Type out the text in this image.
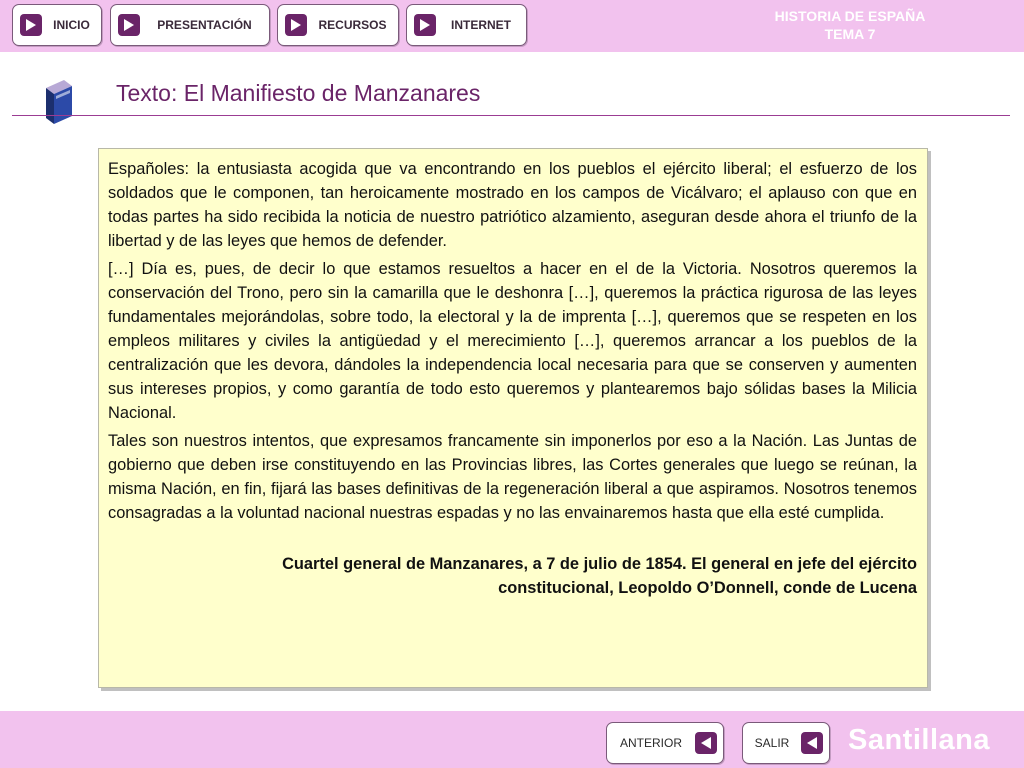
INICIO	PRESENTACIÓN	RECURSOS	INTERNET
HISTORIA DE ESPAÑA
TEMA 7
Texto: El Manifiesto de Manzanares

Españoles: la entusiasta acogida que va encontrando en los pueblos el ejército liberal; el esfuerzo de los soldados que le componen, tan heroicamente mostrado en los campos de Vicálvaro; el aplauso con que en todas partes ha sido recibida la noticia de nuestro patriótico alzamiento, aseguran desde ahora el triunfo de la libertad y de las leyes que hemos de defender.

[…] Día es, pues, de decir lo que estamos resueltos a hacer en el de la Victoria. Nosotros queremos la conservación del Trono, pero sin la camarilla que le deshonra […], queremos la práctica rigurosa de las leyes fundamentales mejorándolas, sobre todo, la electoral y la de imprenta […], queremos que se respeten en los empleos militares y civiles la antigüedad y el merecimiento […], queremos arrancar a los pueblos de la centralización que les devora, dándoles la independencia local necesaria para que se conserven y aumenten sus intereses propios, y como garantía de todo esto queremos y plantearemos bajo sólidas bases la Milicia Nacional.

Tales son nuestros intentos, que expresamos francamente sin imponerlos por eso a la Nación. Las Juntas de gobierno que deben irse constituyendo en las Provincias libres, las Cortes generales que luego se reúnan, la misma Nación, en fin, fijará las bases definitivas de la regeneración liberal a que aspiramos. Nosotros tenemos consagradas a la voluntad nacional nuestras espadas y no las envainaremos hasta que ella esté cumplida.

Cuartel general de Manzanares, a 7 de julio de 1854. El general en jefe del ejército
constitucional, Leopoldo O’Donnell, conde de Lucena
ANTERIOR	SALIR	Santillana
